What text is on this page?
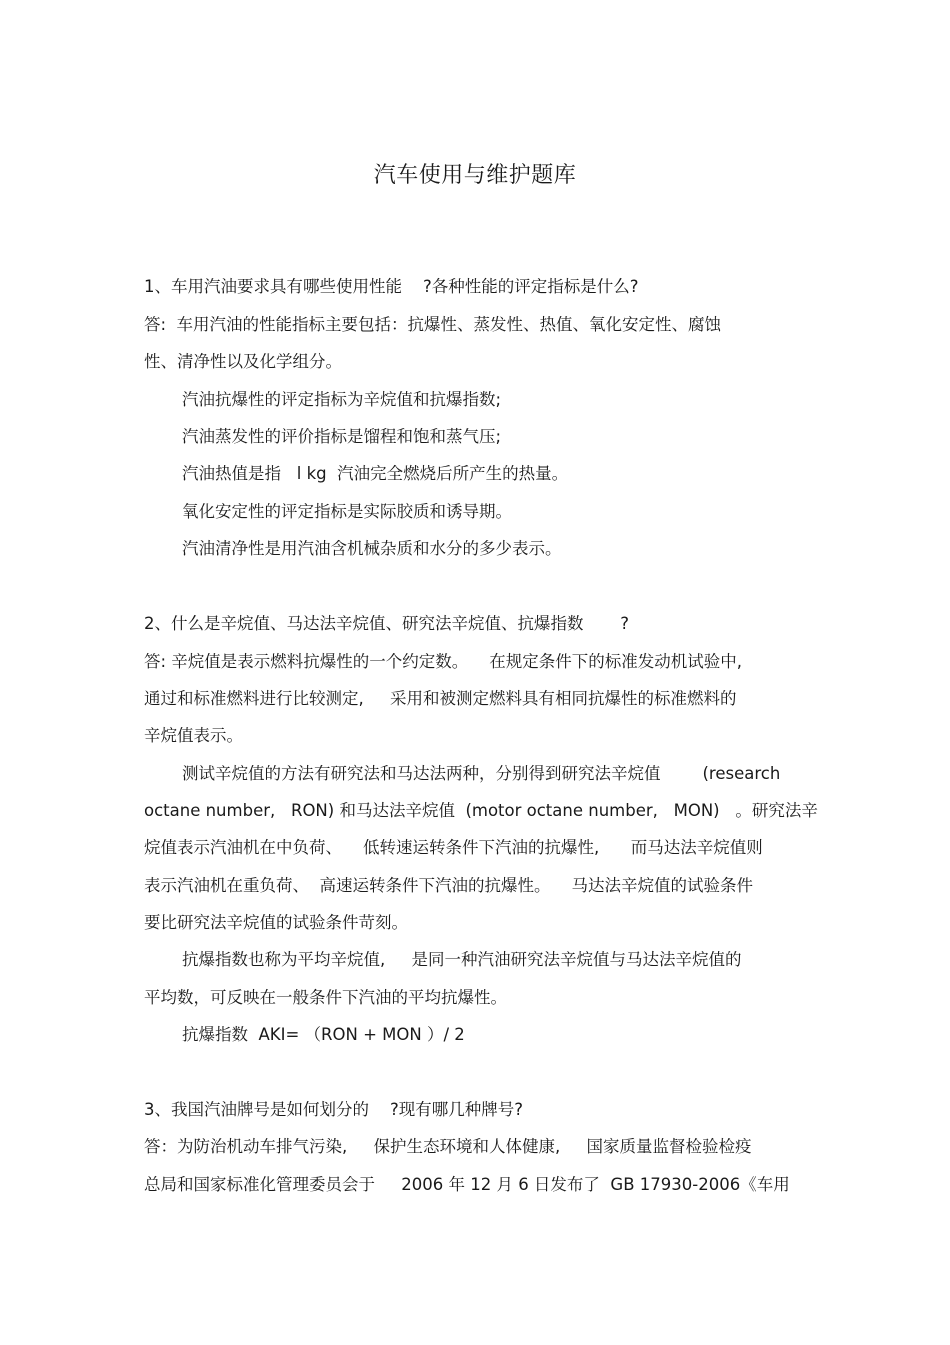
汽车使用与维护题库
1、车用汽油要求具有哪些使用性能    ?各种性能的评定指标是什么?
答:  车用汽油的性能指标主要包括：抗爆性、蒸发性、热值、氧化安定性、腐蚀
性、清净性以及化学组分。
汽油抗爆性的评定指标为辛烷值和抗爆指数;
汽油蒸发性的评价指标是馏程和饱和蒸气压;
汽油热值是指   l kg  汽油完全燃烧后所产生的热量。
氧化安定性的评定指标是实际胶质和诱导期。
汽油清净性是用汽油含机械杂质和水分的多少表示。
2、什么是辛烷值、马达法辛烷值、研究法辛烷值、抗爆指数       ?
答: 辛烷值是表示燃料抗爆性的一个约定数。    在规定条件下的标准发动机试验中,
通过和标准燃料进行比较测定,     采用和被测定燃料具有相同抗爆性的标准燃料的
辛烷值表示。
测试辛烷值的方法有研究法和马达法两种，分别得到研究法辛烷值        (research
octane number,   RON) 和马达法辛烷值  (motor octane number,   MON)   。研究法辛
烷值表示汽油机在中负荷、    低转速运转条件下汽油的抗爆性,      而马达法辛烷值则
表示汽油机在重负荷、  高速运转条件下汽油的抗爆性。    马达法辛烷值的试验条件
要比研究法辛烷值的试验条件苛刻。
抗爆指数也称为平均辛烷值,     是同一种汽油研究法辛烷值与马达法辛烷值的
平均数，可反映在一般条件下汽油的平均抗爆性。
抗爆指数  AKI= （RON + MON ）/ 2
3、我国汽油牌号是如何划分的    ?现有哪几种牌号?
答：为防治机动车排气污染,     保护生态环境和人体健康,     国家质量监督检验检疫
总局和国家标准化管理委员会于     2006 年 12 月 6 日发布了  GB 17930-2006《车用
